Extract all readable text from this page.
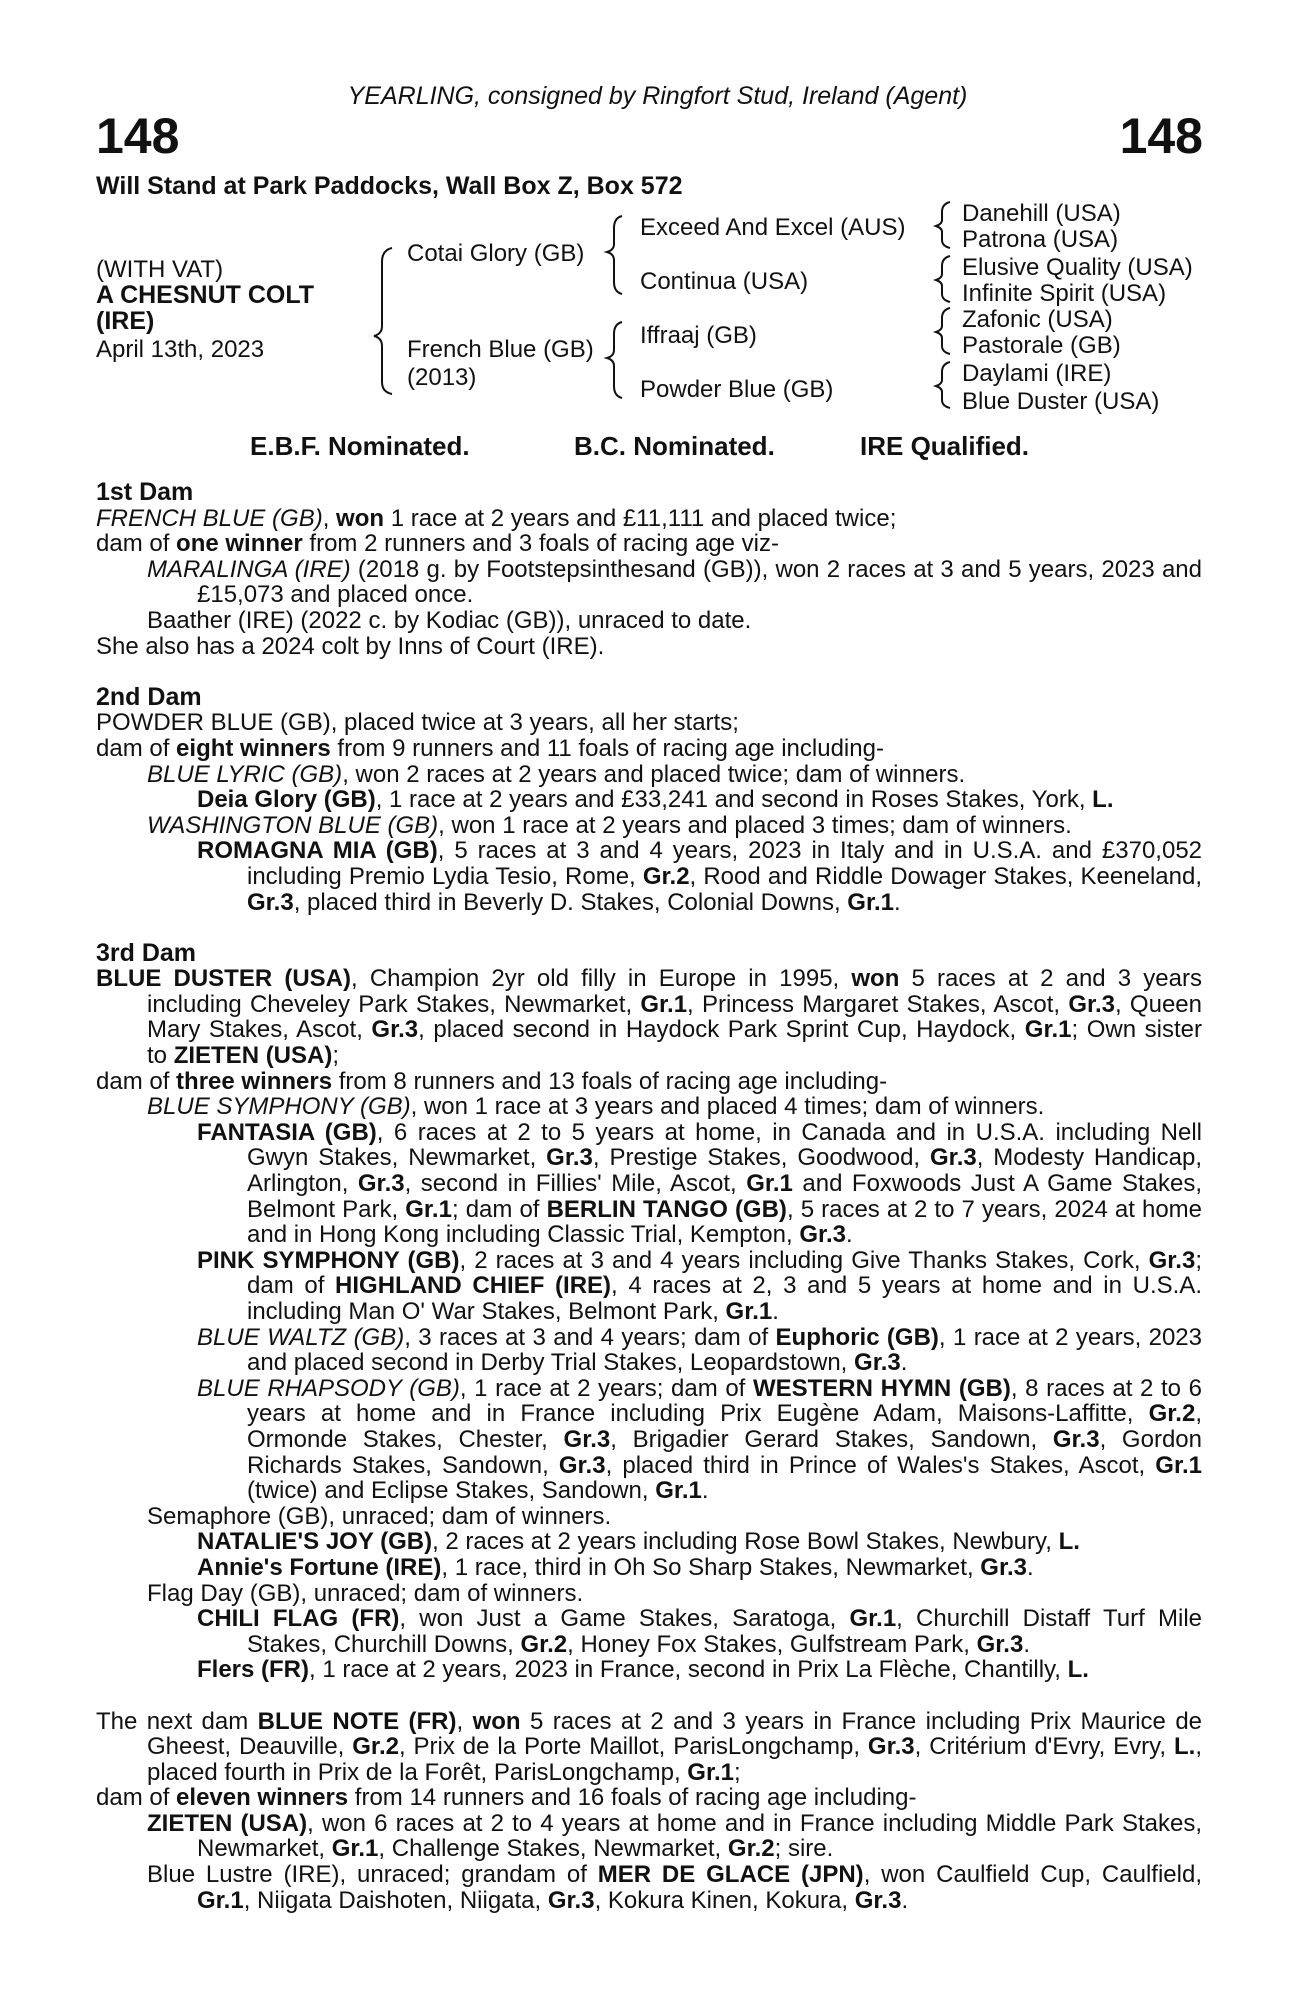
148	148
YEARLING, consigned by Ringfort Stud, Ireland (Agent)
Will Stand at Park Paddocks, Wall Box Z, Box 572
(WITH VAT)
A CHESNUT COLT
(IRE)
April 13th, 2023
Cotai Glory (GB)
French Blue (GB)
(2013)
Exceed And Excel (AUS)
Continua (USA)
Iffraaj (GB)
Powder Blue (GB)
Danehill (USA)
Patrona (USA)
Elusive Quality (USA)
Infinite Spirit (USA)
Zafonic (USA)
Pastorale (GB)
Daylami (IRE)
Blue Duster (USA)
E.B.F. Nominated.	B.C. Nominated.	IRE Qualified.
1st Dam
FRENCH BLUE (GB), won 1 race at 2 years and £11,111 and placed twice;
dam of one winner from 2 runners and 3 foals of racing age viz-
MARALINGA (IRE) (2018 g. by Footstepsinthesand (GB)), won 2 races at 3 and 5 years, 2023 and £15,073 and placed once.
Baather (IRE) (2022 c. by Kodiac (GB)), unraced to date.
She also has a 2024 colt by Inns of Court (IRE).
2nd Dam
POWDER BLUE (GB), placed twice at 3 years, all her starts;
dam of eight winners from 9 runners and 11 foals of racing age including-
BLUE LYRIC (GB), won 2 races at 2 years and placed twice; dam of winners.
Deia Glory (GB), 1 race at 2 years and £33,241 and second in Roses Stakes, York, L.
WASHINGTON BLUE (GB), won 1 race at 2 years and placed 3 times; dam of winners.
ROMAGNA MIA (GB), 5 races at 3 and 4 years, 2023 in Italy and in U.S.A. and £370,052 including Premio Lydia Tesio, Rome, Gr.2, Rood and Riddle Dowager Stakes, Keeneland, Gr.3, placed third in Beverly D. Stakes, Colonial Downs, Gr.1.
3rd Dam
BLUE DUSTER (USA), Champion 2yr old filly in Europe in 1995, won 5 races at 2 and 3 years including Cheveley Park Stakes, Newmarket, Gr.1, Princess Margaret Stakes, Ascot, Gr.3, Queen Mary Stakes, Ascot, Gr.3, placed second in Haydock Park Sprint Cup, Haydock, Gr.1; Own sister to ZIETEN (USA);
dam of three winners from 8 runners and 13 foals of racing age including-
BLUE SYMPHONY (GB), won 1 race at 3 years and placed 4 times; dam of winners.
FANTASIA (GB), 6 races at 2 to 5 years at home, in Canada and in U.S.A. including Nell Gwyn Stakes, Newmarket, Gr.3, Prestige Stakes, Goodwood, Gr.3, Modesty Handicap, Arlington, Gr.3, second in Fillies' Mile, Ascot, Gr.1 and Foxwoods Just A Game Stakes, Belmont Park, Gr.1; dam of BERLIN TANGO (GB), 5 races at 2 to 7 years, 2024 at home and in Hong Kong including Classic Trial, Kempton, Gr.3.
PINK SYMPHONY (GB), 2 races at 3 and 4 years including Give Thanks Stakes, Cork, Gr.3; dam of HIGHLAND CHIEF (IRE), 4 races at 2, 3 and 5 years at home and in U.S.A. including Man O' War Stakes, Belmont Park, Gr.1.
BLUE WALTZ (GB), 3 races at 3 and 4 years; dam of Euphoric (GB), 1 race at 2 years, 2023 and placed second in Derby Trial Stakes, Leopardstown, Gr.3.
BLUE RHAPSODY (GB), 1 race at 2 years; dam of WESTERN HYMN (GB), 8 races at 2 to 6 years at home and in France including Prix Eugène Adam, Maisons-Laffitte, Gr.2, Ormonde Stakes, Chester, Gr.3, Brigadier Gerard Stakes, Sandown, Gr.3, Gordon Richards Stakes, Sandown, Gr.3, placed third in Prince of Wales's Stakes, Ascot, Gr.1 (twice) and Eclipse Stakes, Sandown, Gr.1.
Semaphore (GB), unraced; dam of winners.
NATALIE'S JOY (GB), 2 races at 2 years including Rose Bowl Stakes, Newbury, L.
Annie's Fortune (IRE), 1 race, third in Oh So Sharp Stakes, Newmarket, Gr.3.
Flag Day (GB), unraced; dam of winners.
CHILI FLAG (FR), won Just a Game Stakes, Saratoga, Gr.1, Churchill Distaff Turf Mile Stakes, Churchill Downs, Gr.2, Honey Fox Stakes, Gulfstream Park, Gr.3.
Flers (FR), 1 race at 2 years, 2023 in France, second in Prix La Flèche, Chantilly, L.
The next dam BLUE NOTE (FR), won 5 races at 2 and 3 years in France including Prix Maurice de Gheest, Deauville, Gr.2, Prix de la Porte Maillot, ParisLongchamp, Gr.3, Critérium d'Evry, Evry, L., placed fourth in Prix de la Forêt, ParisLongchamp, Gr.1;
dam of eleven winners from 14 runners and 16 foals of racing age including-
ZIETEN (USA), won 6 races at 2 to 4 years at home and in France including Middle Park Stakes, Newmarket, Gr.1, Challenge Stakes, Newmarket, Gr.2; sire.
Blue Lustre (IRE), unraced; grandam of MER DE GLACE (JPN), won Caulfield Cup, Caulfield, Gr.1, Niigata Daishoten, Niigata, Gr.3, Kokura Kinen, Kokura, Gr.3.
